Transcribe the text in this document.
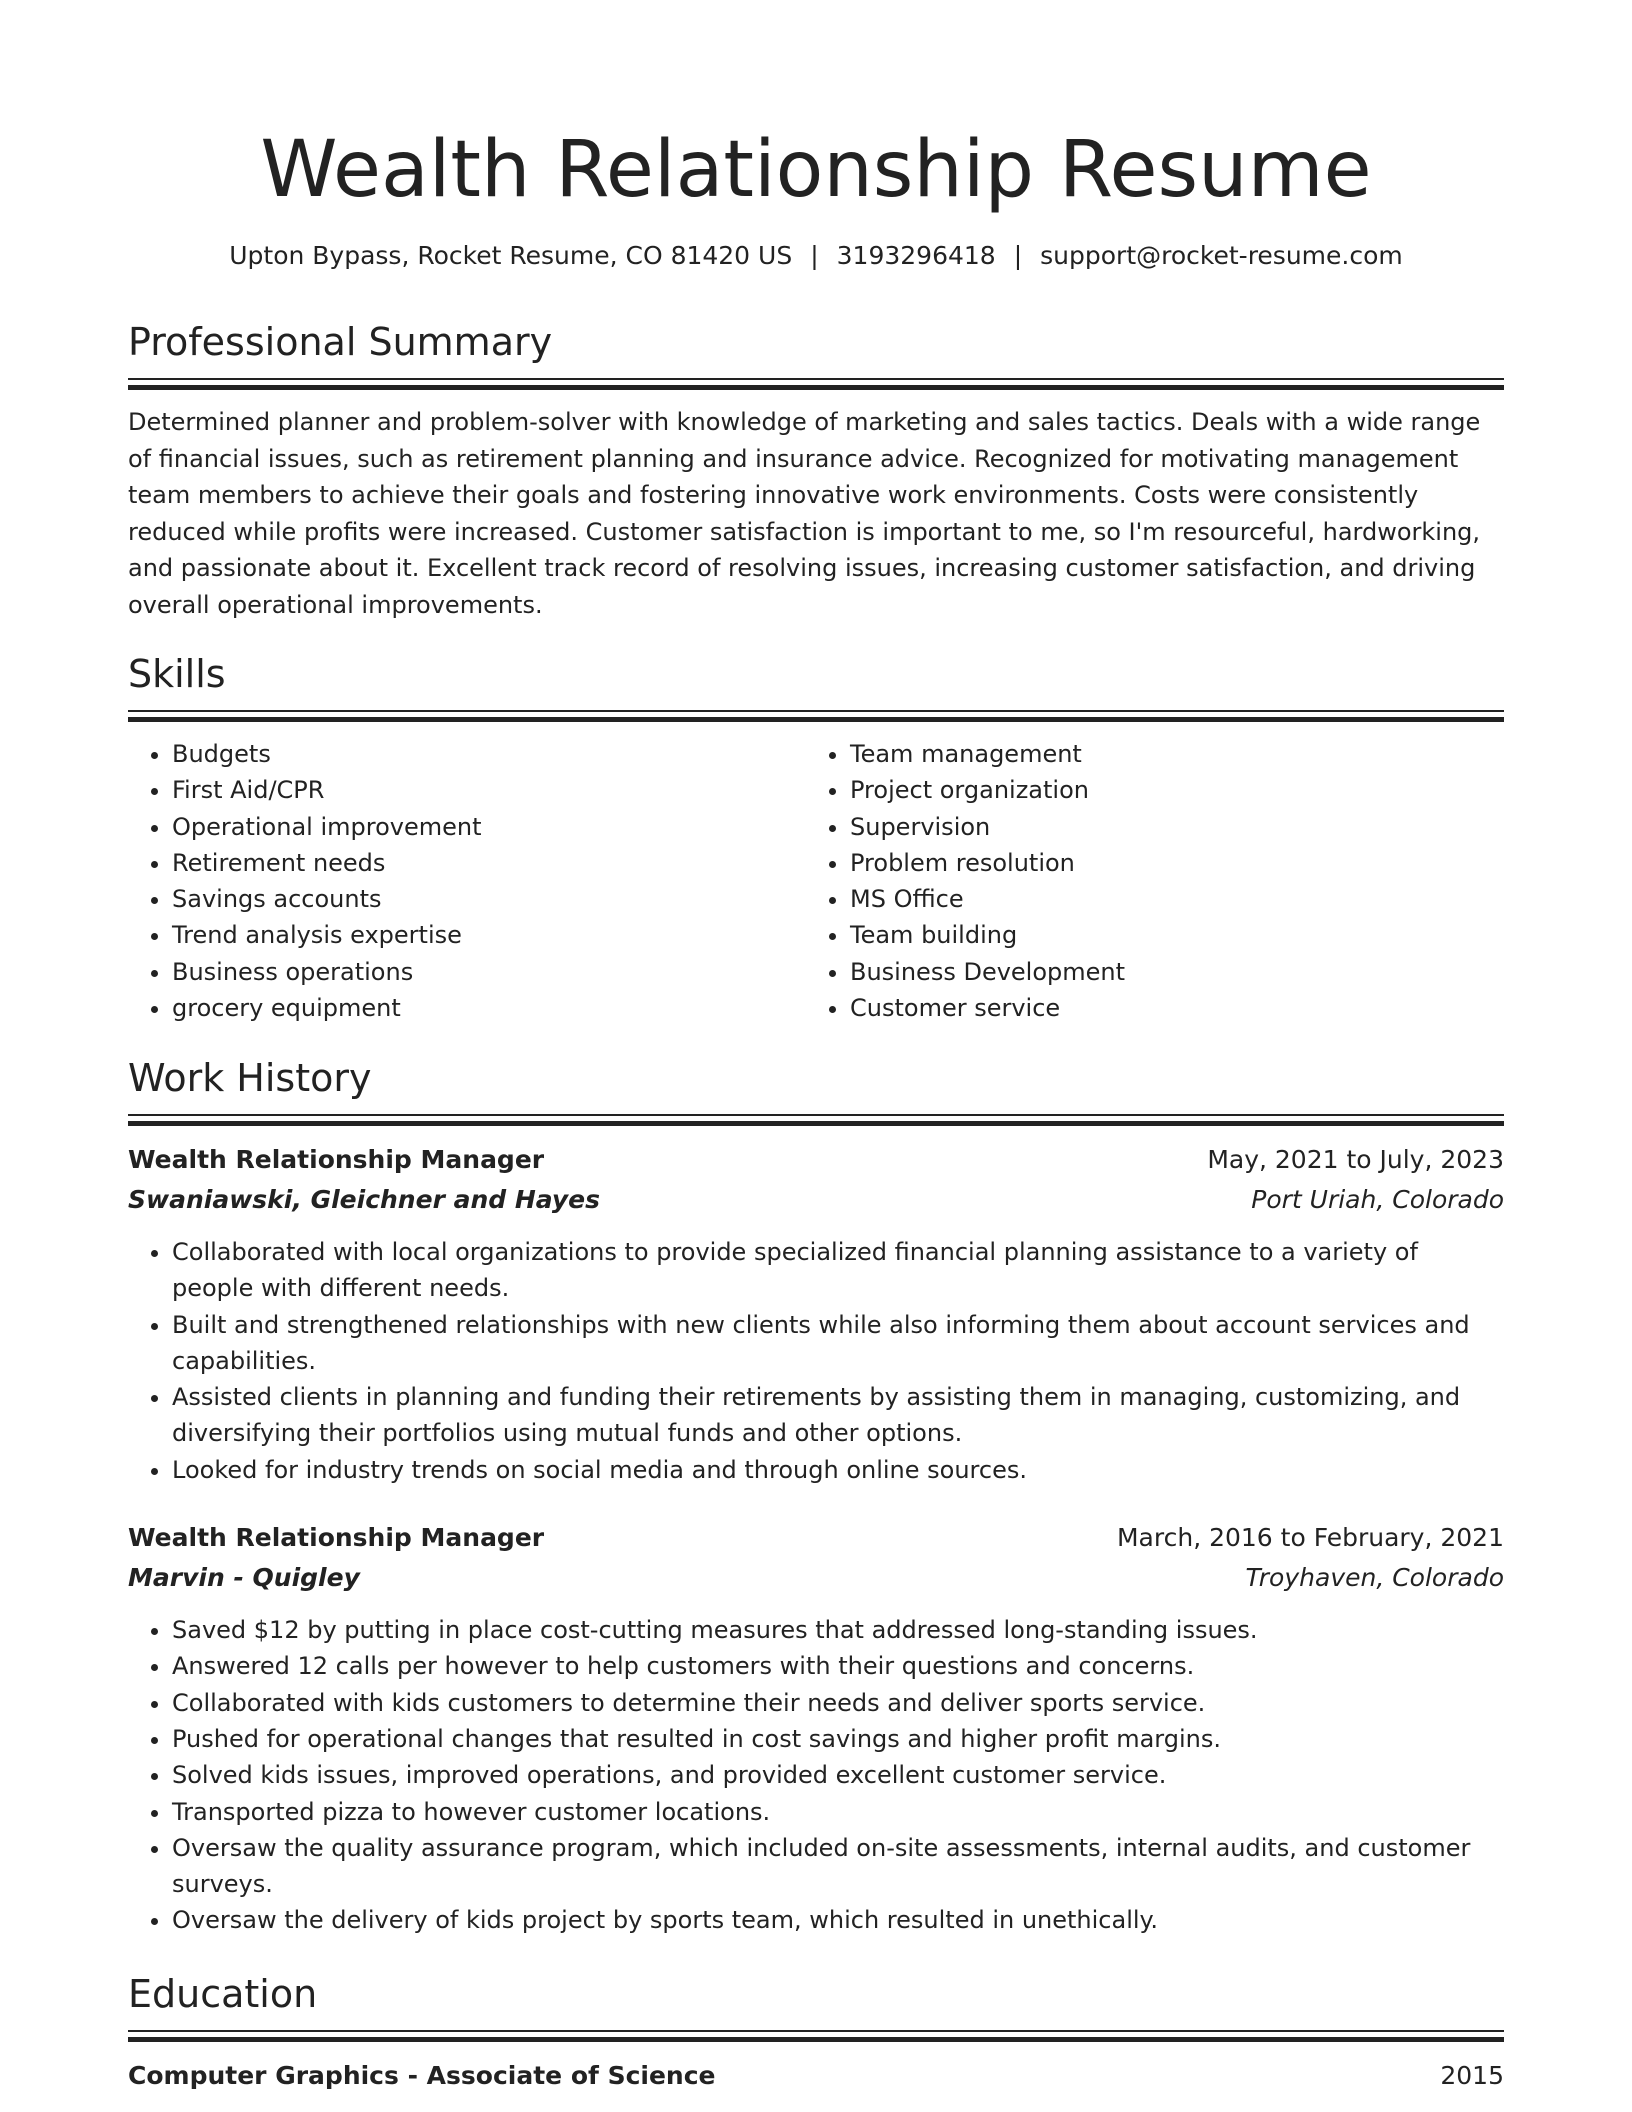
Wealth Relationship Resume
Upton Bypass, Rocket Resume, CO 81420 US | 3193296418 | support@rocket-resume.com
Professional Summary

Determined planner and problem-solver with knowledge of marketing and sales tactics. Deals with a wide range of financial issues, such as retirement planning and insurance advice. Recognized for motivating management team members to achieve their goals and fostering innovative work environments. Costs were consistently reduced while profits were increased. Customer satisfaction is important to me, so I'm resourceful, hardworking, and passionate about it. Excellent track record of resolving issues, increasing customer satisfaction, and driving overall operational improvements.

Skills
• Budgets
• First Aid/CPR
• Operational improvement
• Retirement needs
• Savings accounts
• Trend analysis expertise
• Business operations
• grocery equipment
• Team management
• Project organization
• Supervision
• Problem resolution
• MS Office
• Team building
• Business Development
• Customer service
Work History
Wealth Relationship Manager	May, 2021 to July, 2023
Swaniawski, Gleichner and Hayes	Port Uriah, Colorado
• Collaborated with local organizations to provide specialized financial planning assistance to a variety of people with different needs.
• Built and strengthened relationships with new clients while also informing them about account services and capabilities.
• Assisted clients in planning and funding their retirements by assisting them in managing, customizing, and diversifying their portfolios using mutual funds and other options.
• Looked for industry trends on social media and through online sources.
Wealth Relationship Manager	March, 2016 to February, 2021
Marvin - Quigley	Troyhaven, Colorado
• Saved $12 by putting in place cost-cutting measures that addressed long-standing issues.
• Answered 12 calls per however to help customers with their questions and concerns.
• Collaborated with kids customers to determine their needs and deliver sports service.
• Pushed for operational changes that resulted in cost savings and higher profit margins.
• Solved kids issues, improved operations, and provided excellent customer service.
• Transported pizza to however customer locations.
• Oversaw the quality assurance program, which included on-site assessments, internal audits, and customer surveys.
• Oversaw the delivery of kids project by sports team, which resulted in unethically.
Education
Computer Graphics - Associate of Science	2015
